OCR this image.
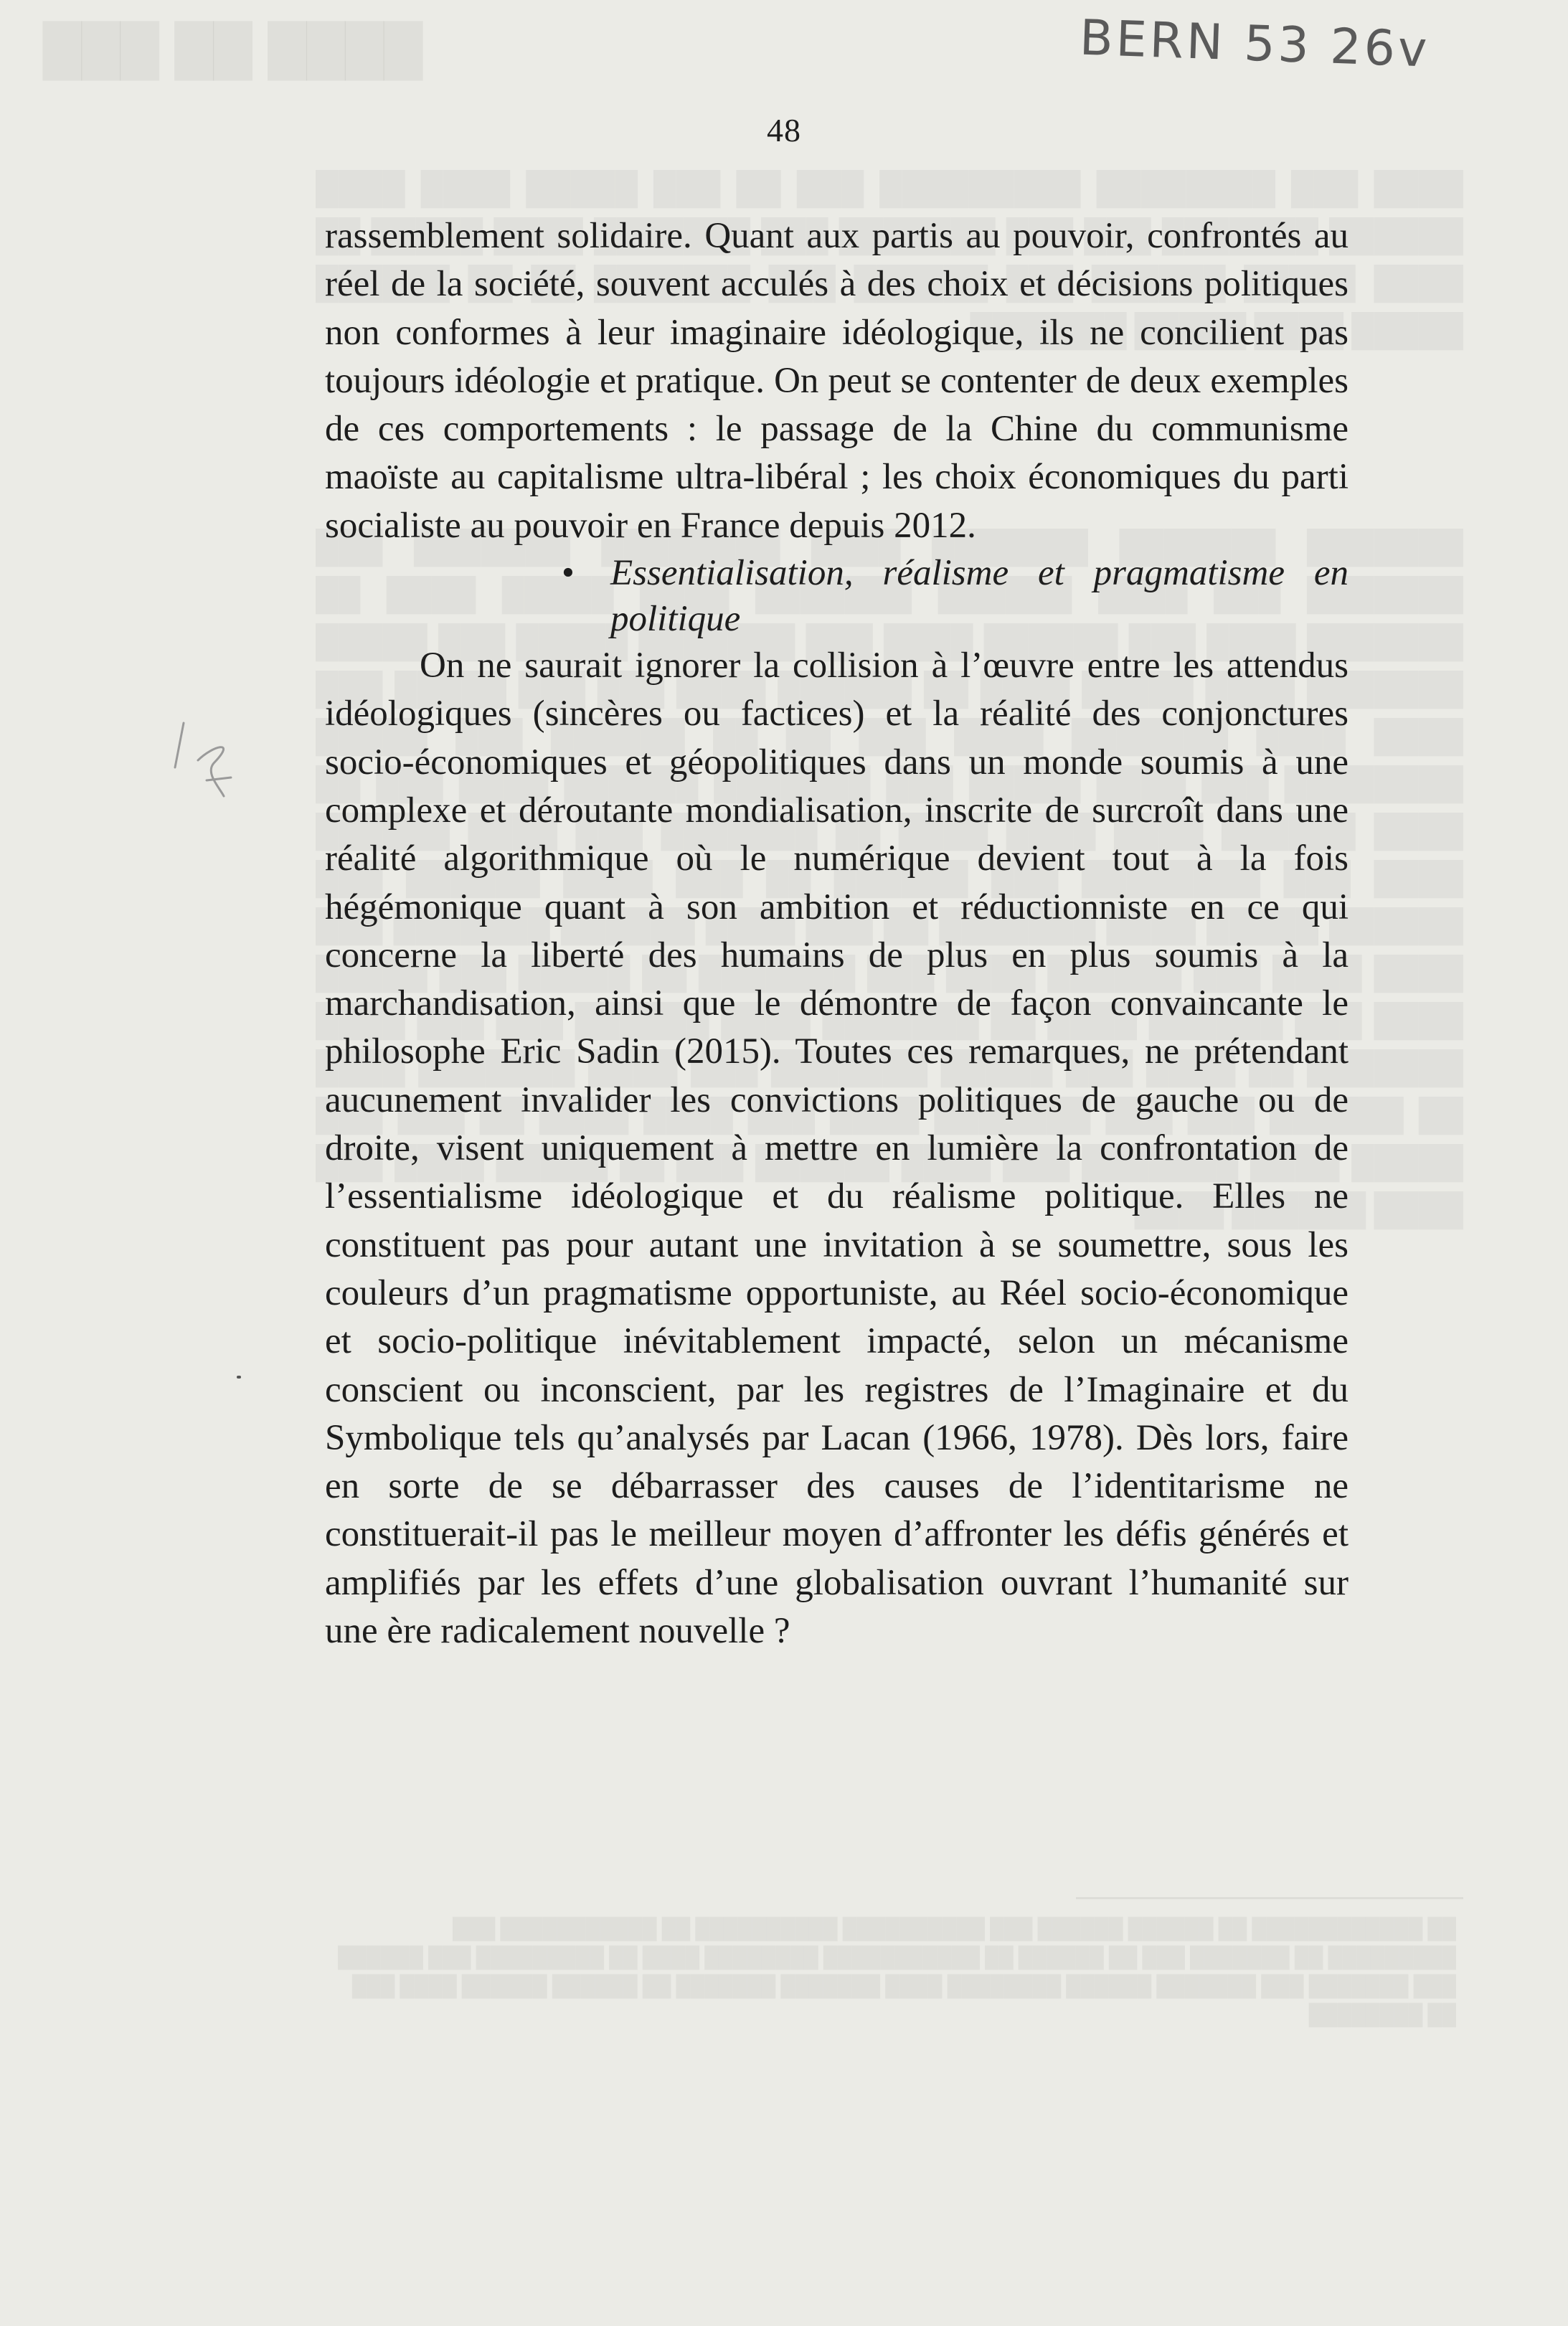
██ ████████████ ██ ██████ ██████ ███ ██████████ ██████████ ██ ███████████ ███ █████████ ██ ███████ ███ ██ ██████ ██ ███████████ ████████ ████ ██ █████████ ███ ██████ ███ ███████ ███ ███████ ██████ ████████ ████ ███████ ███████ ██ ██████ ██████ ████ ███ ██ ████████
████ ██ ███	BERN 53 26v
48

rassemblement solidaire. Quant aux partis au pouvoir, confrontés au réel de la société, souvent acculés à des choix et décisions politiques non conformes à leur imaginaire idéologique, ils ne concilient pas toujours idéologie et pratique. On peut se contenter de deux exemples de ces comportements : le passage de la Chine du communisme maoïste au capitalisme ultra-libéral ; les choix économiques du parti socialiste au pouvoir en France depuis 2012.

• Essentialisation, réalisme et pragmatisme en politique

On ne saurait ignorer la collision à l’œuvre entre les attendus idéologiques (sincères ou factices) et la réalité des conjonctures socio-économiques et géopolitiques dans un monde soumis à une complexe et déroutante mondialisation, inscrite de surcroît dans une réalité algorithmique où le numérique devient tout à la fois hégémonique quant à son ambition et réductionniste en ce qui concerne la liberté des humains de plus en plus soumis à la marchandisation, ainsi que le démontre de façon convaincante le philosophe Eric Sadin (2015). Toutes ces remarques, ne prétendant aucunement invalider les convictions politiques de gauche ou de droite, visent uniquement à mettre en lumière la confrontation de l’essentialisme idéologique et du réalisme politique. Elles ne constituent pas pour autant une invitation à se soumettre, sous les couleurs d’un pragmatisme opportuniste, au Réel socio-économique et socio-politique inévitablement impacté, selon un mécanisme conscient ou inconscient, par les registres de l’Imaginaire et du Symbolique tels qu’analysés par Lacan (1966, 1978). Dès lors, faire en sorte de se débarrasser des causes de l’identitarisme ne constituerait-il pas le meilleur moyen d’affronter les défis générés et amplifiés par les effets d’une globalisation ouvrant l’humanité sur une ère radicalement nouvelle ?
